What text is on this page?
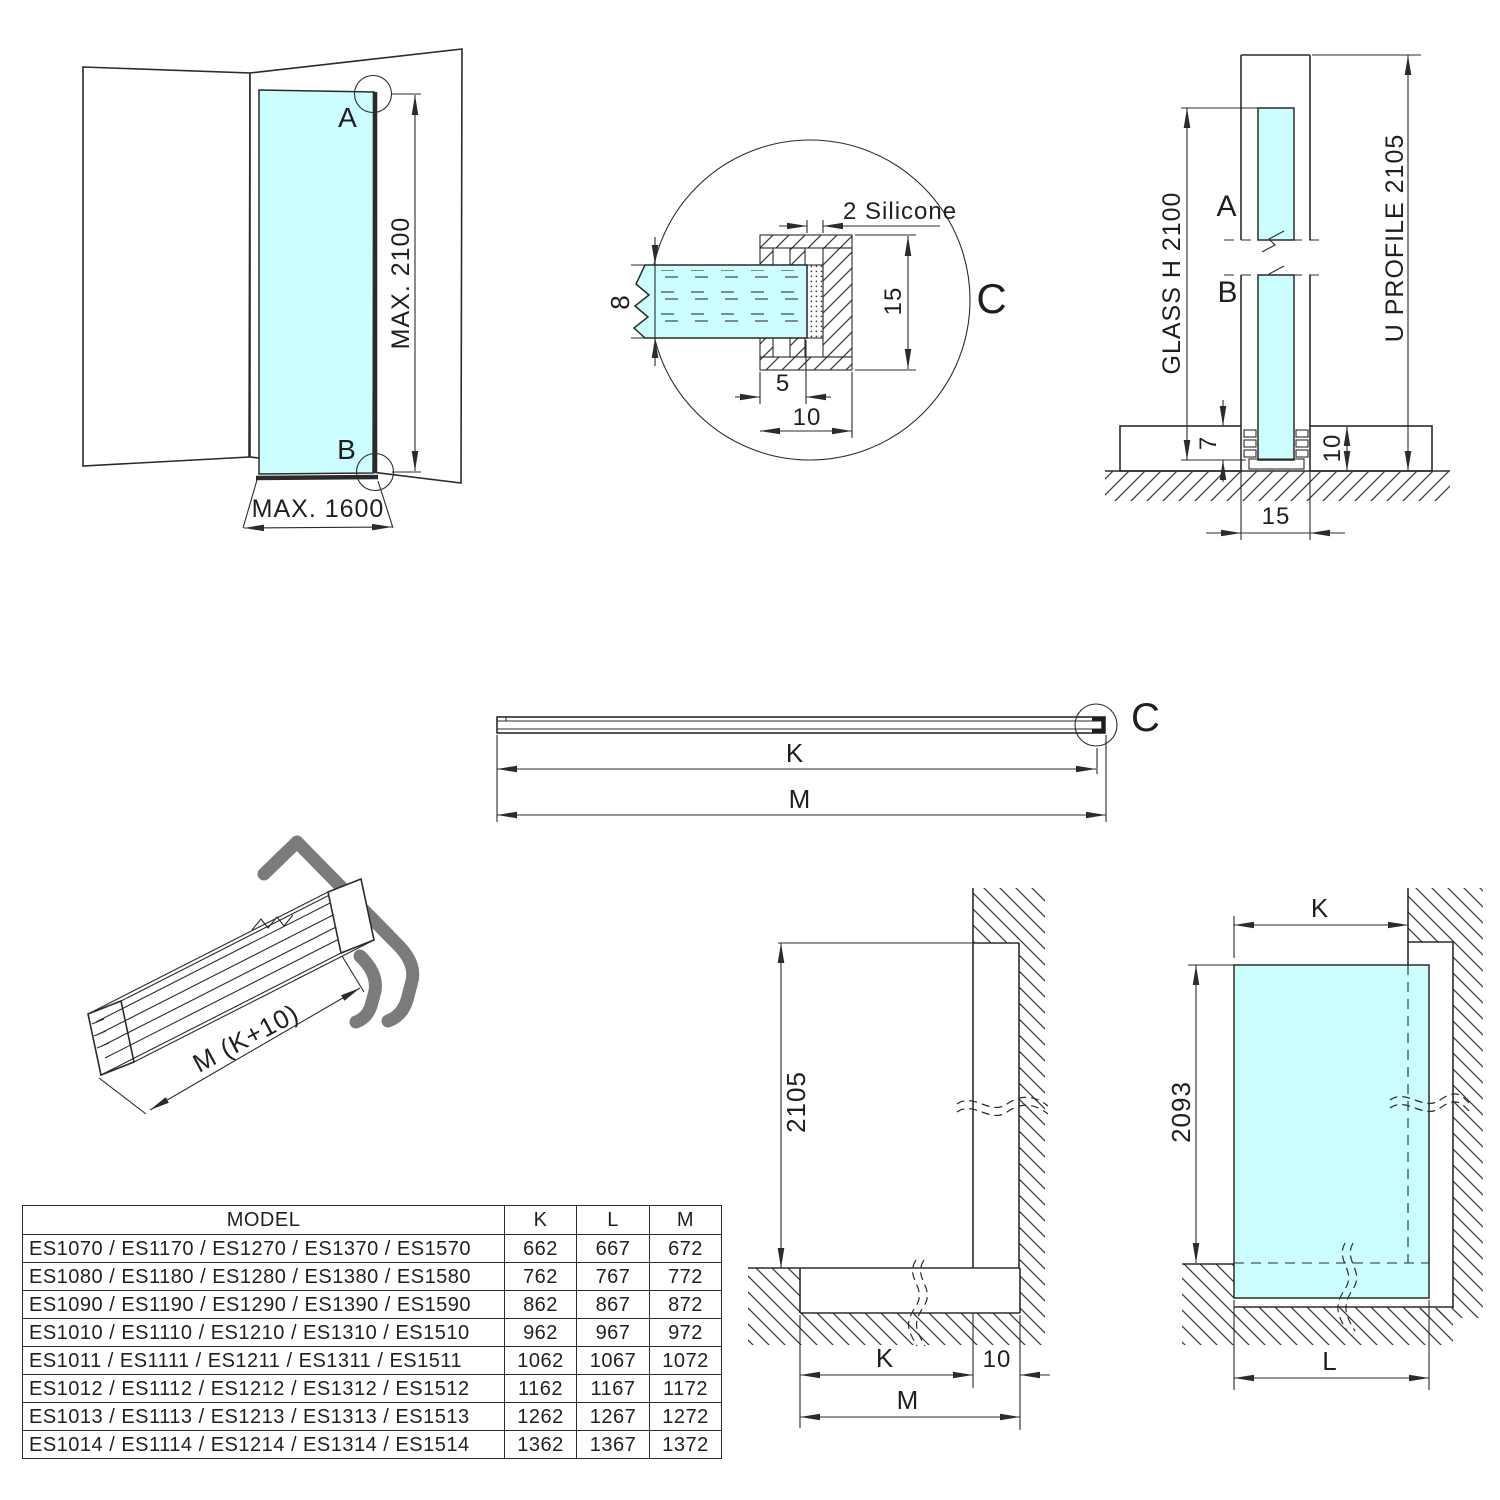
A
B
MAX. 2100
MAX. 1600
C
8
2 Silicone
5
10
15
A
B
GLASS H 2100	U PROFILE 2105
7	10
15
C
K
M
M (K+10)
2105
K	10
M
K
2093
L
MODEL	K	L	M
ES1070 / ES1170 / ES1270 / ES1370 / ES1570	662	667	672
ES1080 / ES1180 / ES1280 / ES1380 / ES1580	762	767	772
ES1090 / ES1190 / ES1290 / ES1390 / ES1590	862	867	872
ES1010 / ES1110 / ES1210 / ES1310 / ES1510	962	967	972
ES1011 / ES1111 / ES1211 / ES1311 / ES1511	1062	1067	1072
ES1012 / ES1112 / ES1212 / ES1312 / ES1512	1162	1167	1172
ES1013 / ES1113 / ES1213 / ES1313 / ES1513	1262	1267	1272
ES1014 / ES1114 / ES1214 / ES1314 / ES1514	1362	1367	1372
